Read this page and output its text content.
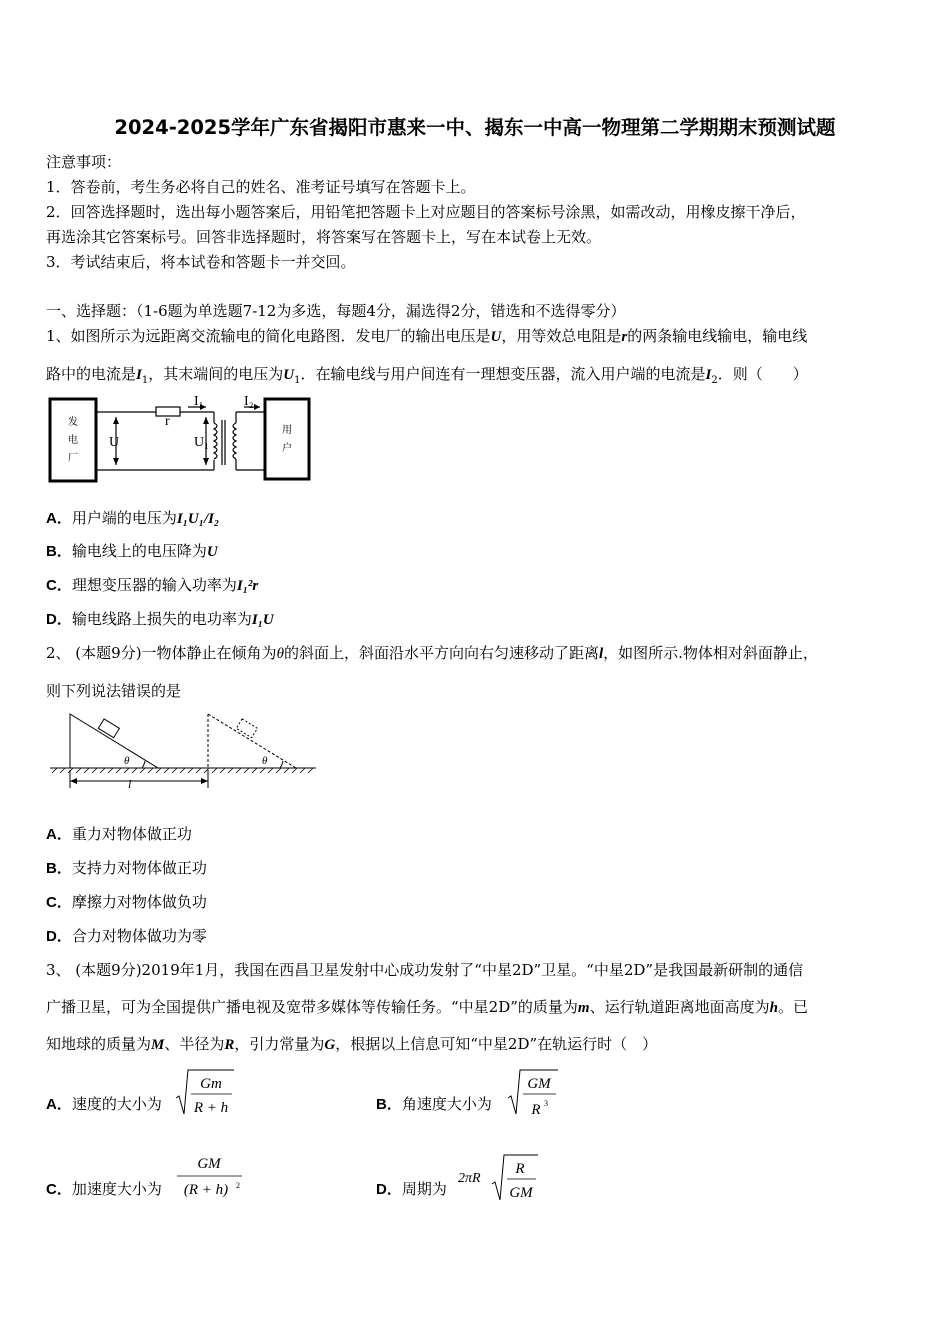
2024-2025学年广东省揭阳市惠来一中、揭东一中高一物理第二学期期末预测试题
注意事项：
1．答卷前，考生务必将自己的姓名、准考证号填写在答题卡上。
2．回答选择题时，选出每小题答案后，用铅笔把答题卡上对应题目的答案标号涂黑，如需改动，用橡皮擦干净后，
再选涂其它答案标号。回答非选择题时，将答案写在答题卡上，写在本试卷上无效。
3．考试结束后，将本试卷和答题卡一并交回。
一、选择题：（1-6题为单选题7-12为多选，每题4分，漏选得2分，错选和不选得零分）
1、如图所示为远距离交流输电的简化电路图．发电厂的输出电压是U，用等效总电阻是r的两条输电线输电，输电线
路中的电流是$I_1$，其末端间的电压为$U_1$．在输电线与用户间连有一理想变压器，流入用户端的电流是$I_2$．则（　　）
发
电
厂
用
户
U
r
I₁
U₁
I₂
A．用户端的电压为I₁U₁/I₂
B．输电线上的电压降为U
C．理想变压器的输入功率为I₁²r
D．输电线路上损失的电功率为I₁U
2、 (本题9分)一物体静止在倾角为θ的斜面上，斜面沿水平方向向右匀速移动了距离l，如图所示.物体相对斜面静止，
则下列说法错误的是
θ	θ
l
A．重力对物体做正功
B．支持力对物体做正功
C．摩擦力对物体做负功
D．合力对物体做功为零
3、 (本题9分)2019年1月，我国在西昌卫星发射中心成功发射了“中星2D”卫星。“中星2D”是我国最新研制的通信
广播卫星，可为全国提供广播电视及宽带多媒体等传输任务。“中星2D”的质量为m、运行轨道距离地面高度为h。已
知地球的质量为M、半径为R，引力常量为G，根据以上信息可知“中星2D”在轨运行时（　）
A．速度的大小为
Gm
R + h	B．角速度大小为
GM
R 3
C．加速度大小为
GM
(R + h) 2	D．周期为
2πR
R
GM
